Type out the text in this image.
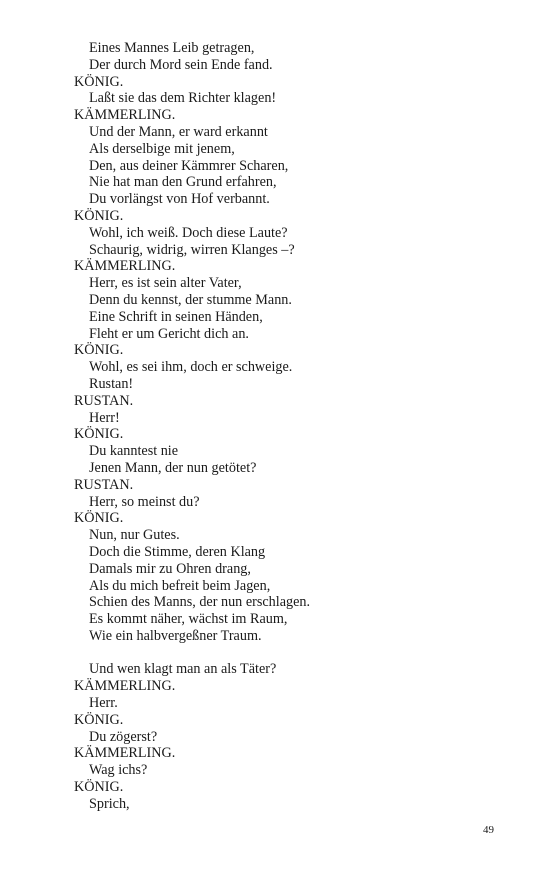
Eines Mannes Leib getragen,
Der durch Mord sein Ende fand.
KÖNIG.
Laßt sie das dem Richter klagen!
KÄMMERLING.
Und der Mann, er ward erkannt
Als derselbige mit jenem,
Den, aus deiner Kämmrer Scharen,
Nie hat man den Grund erfahren,
Du vorlängst von Hof verbannt.
KÖNIG.
Wohl, ich weiß. Doch diese Laute?
Schaurig, widrig, wirren Klanges –?
KÄMMERLING.
Herr, es ist sein alter Vater,
Denn du kennst, der stumme Mann.
Eine Schrift in seinen Händen,
Fleht er um Gericht dich an.
KÖNIG.
Wohl, es sei ihm, doch er schweige.
Rustan!
RUSTAN.
Herr!
KÖNIG.
Du kanntest nie
Jenen Mann, der nun getötet?
RUSTAN.
Herr, so meinst du?
KÖNIG.
Nun, nur Gutes.
Doch die Stimme, deren Klang
Damals mir zu Ohren drang,
Als du mich befreit beim Jagen,
Schien des Manns, der nun erschlagen.
Es kommt näher, wächst im Raum,
Wie ein halbvergeßner Traum.
Und wen klagt man an als Täter?
KÄMMERLING.
Herr.
KÖNIG.
Du zögerst?
KÄMMERLING.
Wag ichs?
KÖNIG.
Sprich,
49
